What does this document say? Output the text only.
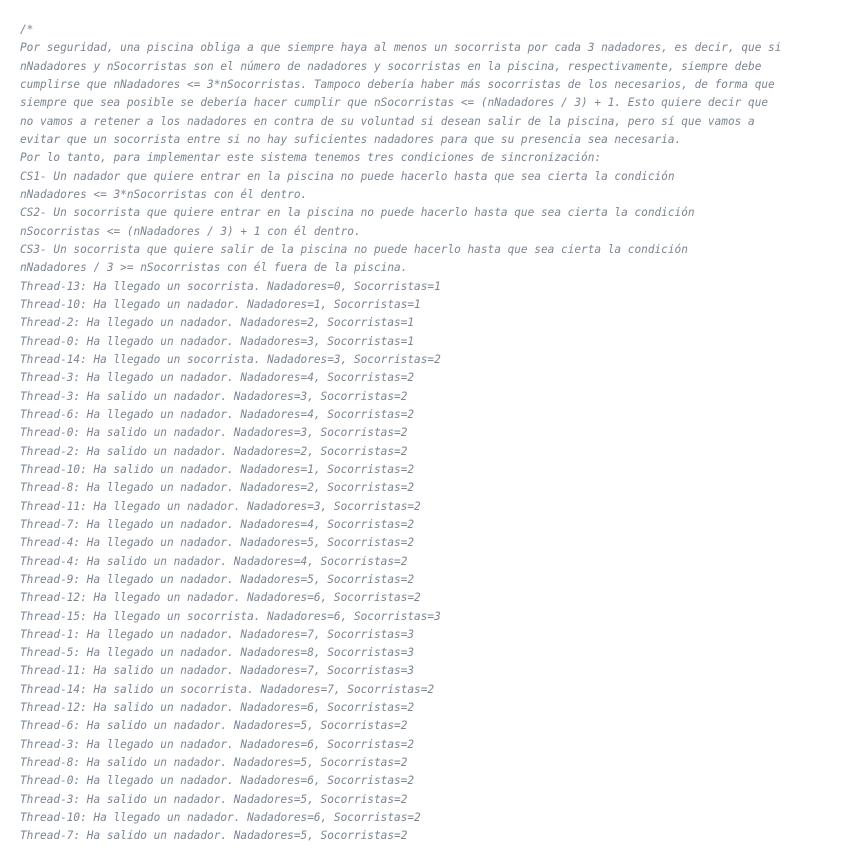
/*
Por seguridad, una piscina obliga a que siempre haya al menos un socorrista por cada 3 nadadores, es decir, que si
nNadadores y nSocorristas son el número de nadadores y socorristas en la piscina, respectivamente, siempre debe
cumplirse que nNadadores <= 3*nSocorristas. Tampoco debería haber más socorristas de los necesarios, de forma que
siempre que sea posible se debería hacer cumplir que nSocorristas <= (nNadadores / 3) + 1. Esto quiere decir que
no vamos a retener a los nadadores en contra de su voluntad si desean salir de la piscina, pero sí que vamos a
evitar que un socorrista entre si no hay suficientes nadadores para que su presencia sea necesaria.
Por lo tanto, para implementar este sistema tenemos tres condiciones de sincronización:
CS1- Un nadador que quiere entrar en la piscina no puede hacerlo hasta que sea cierta la condición
nNadadores <= 3*nSocorristas con él dentro.
CS2- Un socorrista que quiere entrar en la piscina no puede hacerlo hasta que sea cierta la condición
nSocorristas <= (nNadadores / 3) + 1 con él dentro.
CS3- Un socorrista que quiere salir de la piscina no puede hacerlo hasta que sea cierta la condición
nNadadores / 3 >= nSocorristas con él fuera de la piscina.
Thread-13: Ha llegado un socorrista. Nadadores=0, Socorristas=1
Thread-10: Ha llegado un nadador. Nadadores=1, Socorristas=1
Thread-2: Ha llegado un nadador. Nadadores=2, Socorristas=1
Thread-0: Ha llegado un nadador. Nadadores=3, Socorristas=1
Thread-14: Ha llegado un socorrista. Nadadores=3, Socorristas=2
Thread-3: Ha llegado un nadador. Nadadores=4, Socorristas=2
Thread-3: Ha salido un nadador. Nadadores=3, Socorristas=2
Thread-6: Ha llegado un nadador. Nadadores=4, Socorristas=2
Thread-0: Ha salido un nadador. Nadadores=3, Socorristas=2
Thread-2: Ha salido un nadador. Nadadores=2, Socorristas=2
Thread-10: Ha salido un nadador. Nadadores=1, Socorristas=2
Thread-8: Ha llegado un nadador. Nadadores=2, Socorristas=2
Thread-11: Ha llegado un nadador. Nadadores=3, Socorristas=2
Thread-7: Ha llegado un nadador. Nadadores=4, Socorristas=2
Thread-4: Ha llegado un nadador. Nadadores=5, Socorristas=2
Thread-4: Ha salido un nadador. Nadadores=4, Socorristas=2
Thread-9: Ha llegado un nadador. Nadadores=5, Socorristas=2
Thread-12: Ha llegado un nadador. Nadadores=6, Socorristas=2
Thread-15: Ha llegado un socorrista. Nadadores=6, Socorristas=3
Thread-1: Ha llegado un nadador. Nadadores=7, Socorristas=3
Thread-5: Ha llegado un nadador. Nadadores=8, Socorristas=3
Thread-11: Ha salido un nadador. Nadadores=7, Socorristas=3
Thread-14: Ha salido un socorrista. Nadadores=7, Socorristas=2
Thread-12: Ha salido un nadador. Nadadores=6, Socorristas=2
Thread-6: Ha salido un nadador. Nadadores=5, Socorristas=2
Thread-3: Ha llegado un nadador. Nadadores=6, Socorristas=2
Thread-8: Ha salido un nadador. Nadadores=5, Socorristas=2
Thread-0: Ha llegado un nadador. Nadadores=6, Socorristas=2
Thread-3: Ha salido un nadador. Nadadores=5, Socorristas=2
Thread-10: Ha llegado un nadador. Nadadores=6, Socorristas=2
Thread-7: Ha salido un nadador. Nadadores=5, Socorristas=2
